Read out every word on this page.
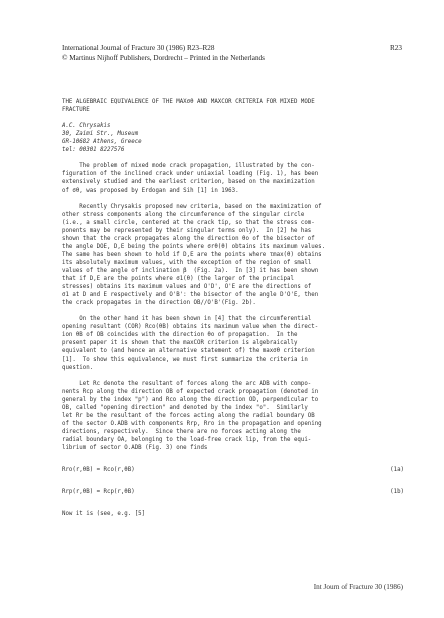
International Journal of Fracture 30 (1986) R23–R28	R23
© Martinus Nijhoff Publishers, Dordrecht – Printed in the Netherlands
THE ALGEBRAIC EQUIVALENCE OF THE MAXσθ AND MAXCOR CRITERIA FOR MIXED MODE
FRACTURE
A.C. Chrysakis
30, Zaimi Str., Museum
GR-10682 Athens, Greece
tel: 00301 8227576
The problem of mixed mode crack propagation, illustrated by the con-
figuration of the inclined crack under uniaxial loading (Fig. 1), has been
extensively studied and the earliest criterion, based on the maximization
of σθ, was proposed by Erdogan and Sih [1] in 1963.
Recently Chrysakis proposed new criteria, based on the maximization of
other stress components along the circumference of the singular circle
(i.e., a small circle, centered at the crack tip, so that the stress com-
ponents may be represented by their singular terms only).  In [2] he has
shown that the crack propagates along the direction θo of the bisector of
the angle DOE, D,E being the points where σrθ(θ) obtains its maximum values.
The same has been shown to hold if D,E are the points where τmax(θ) obtains
its absolutely maximum values, with the exception of the region of small
values of the angle of inclination β  (Fig. 2a).  In [3] it has been shown
that if D,E are the points where σ1(θ) (the larger of the principal
stresses) obtains its maximum values and O'D', O'E are the directions of
σ1 at D and E respectively and O'B': the bisector of the angle D'O'E, then
the crack propagates in the direction OB//O'B'(Fig. 2b).
On the other hand it has been shown in [4] that the circumferential
opening resultant (COR) Rco(θB) obtains its maximum value when the direct-
ion θB of OB coincides with the direction θo of propagation.  In the
present paper it is shown that the maxCOR criterion is algebraically
equivalent to (and hence an alternative statement of) the maxσθ criterion
[1].  To show this equivalence, we must first summarize the criteria in
question.
Let Rc denote the resultant of forces along the arc ADB with compo-
nents Rcp along the direction OB of expected crack propagation (denoted in
general by the index "p") and Rco along the direction OD, perpendicular to
OB, called "opening direction" and denoted by the index "o".  Similarly
let Rr be the resultant of the forces acting along the radial boundary OB
of the sector O.ADB with components Rrp, Rro in the propagation and opening
directions, respectively.  Since there are no forces acting along the
radial boundary OA, belonging to the load-free crack lip, from the equi-
librium of sector O.ADB (Fig. 3) one finds
Rro(r,θB) = Rco(r,θB)	(1a)
Rrp(r,θB) = Rcp(r,θB)	(1b)
Now it is (see, e.g. [5]
Int Journ of Fracture 30 (1986)
